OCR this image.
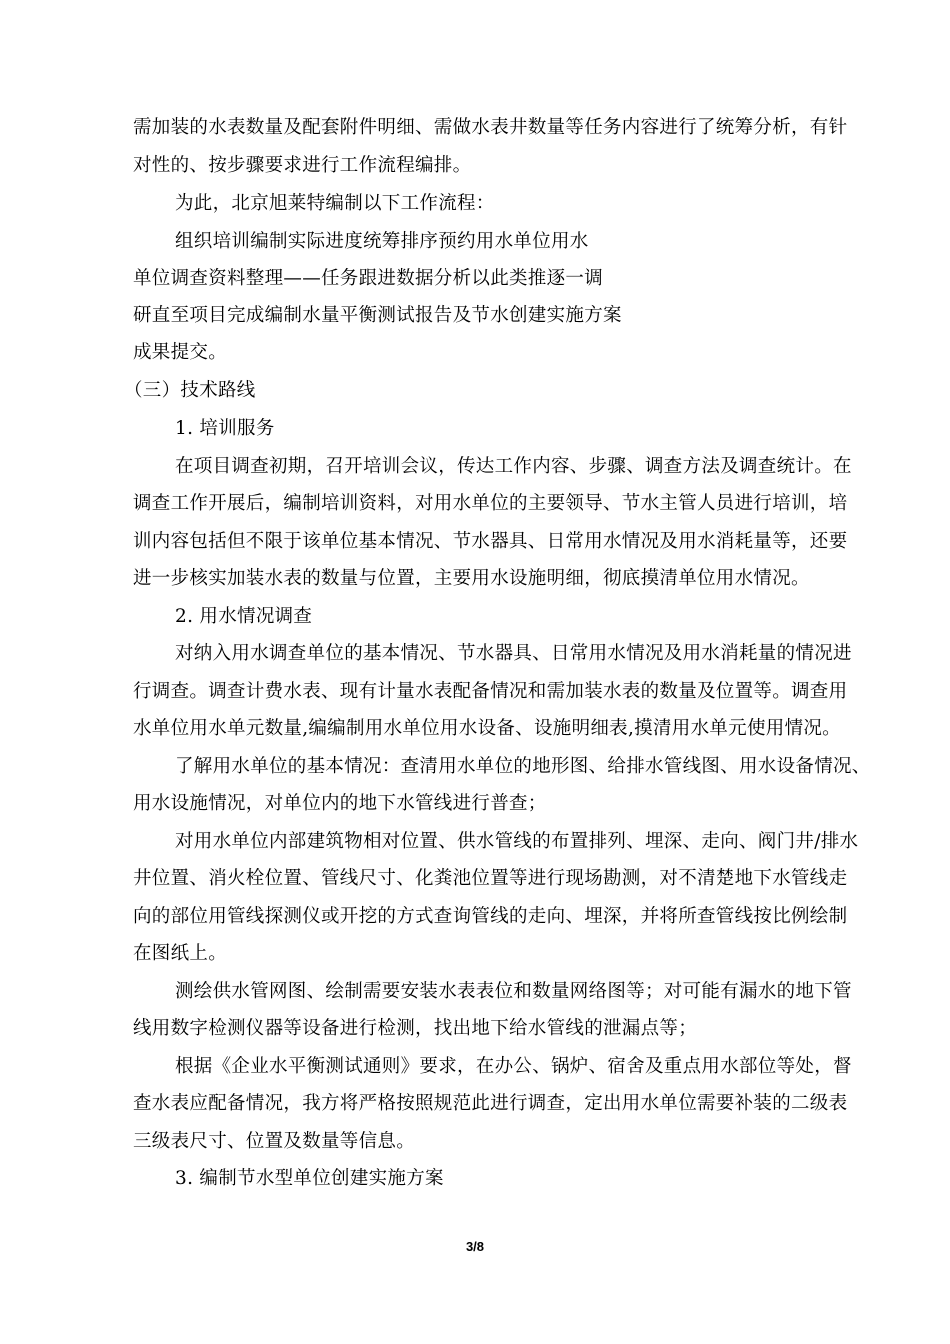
需加装的水表数量及配套附件明细、需做水表井数量等任务内容进行了统筹分析，有针
对性的、按步骤要求进行工作流程编排。
为此，北京旭莱特编制以下工作流程：
组织培训编制实际进度统筹排序预约用水单位用水
单位调查资料整理——任务跟进数据分析以此类推逐一调
研直至项目完成编制水量平衡测试报告及节水创建实施方案
成果提交。
（三）技术路线
1. 培训服务
在项目调查初期，召开培训会议，传达工作内容、步骤、调查方法及调查统计。在
调查工作开展后，编制培训资料，对用水单位的主要领导、节水主管人员进行培训，培
训内容包括但不限于该单位基本情况、节水器具、日常用水情况及用水消耗量等，还要
进一步核实加装水表的数量与位置，主要用水设施明细，彻底摸清单位用水情况。
2. 用水情况调查
对纳入用水调查单位的基本情况、节水器具、日常用水情况及用水消耗量的情况进
行调查。调查计费水表、现有计量水表配备情况和需加装水表的数量及位置等。调查用
水单位用水单元数量,编编制用水单位用水设备、设施明细表,摸清用水单元使用情况。
了解用水单位的基本情况：查清用水单位的地形图、给排水管线图、用水设备情况、
用水设施情况，对单位内的地下水管线进行普查；
对用水单位内部建筑物相对位置、供水管线的布置排列、埋深、走向、阀门井/排水
井位置、消火栓位置、管线尺寸、化粪池位置等进行现场勘测，对不清楚地下水管线走
向的部位用管线探测仪或开挖的方式查询管线的走向、埋深，并将所查管线按比例绘制
在图纸上。
测绘供水管网图、绘制需要安装水表表位和数量网络图等；对可能有漏水的地下管
线用数字检测仪器等设备进行检测，找出地下给水管线的泄漏点等；
根据《企业水平衡测试通则》要求，在办公、锅炉、宿舍及重点用水部位等处，督
查水表应配备情况，我方将严格按照规范此进行调查，定出用水单位需要补装的二级表
三级表尺寸、位置及数量等信息。
3. 编制节水型单位创建实施方案
3/8
